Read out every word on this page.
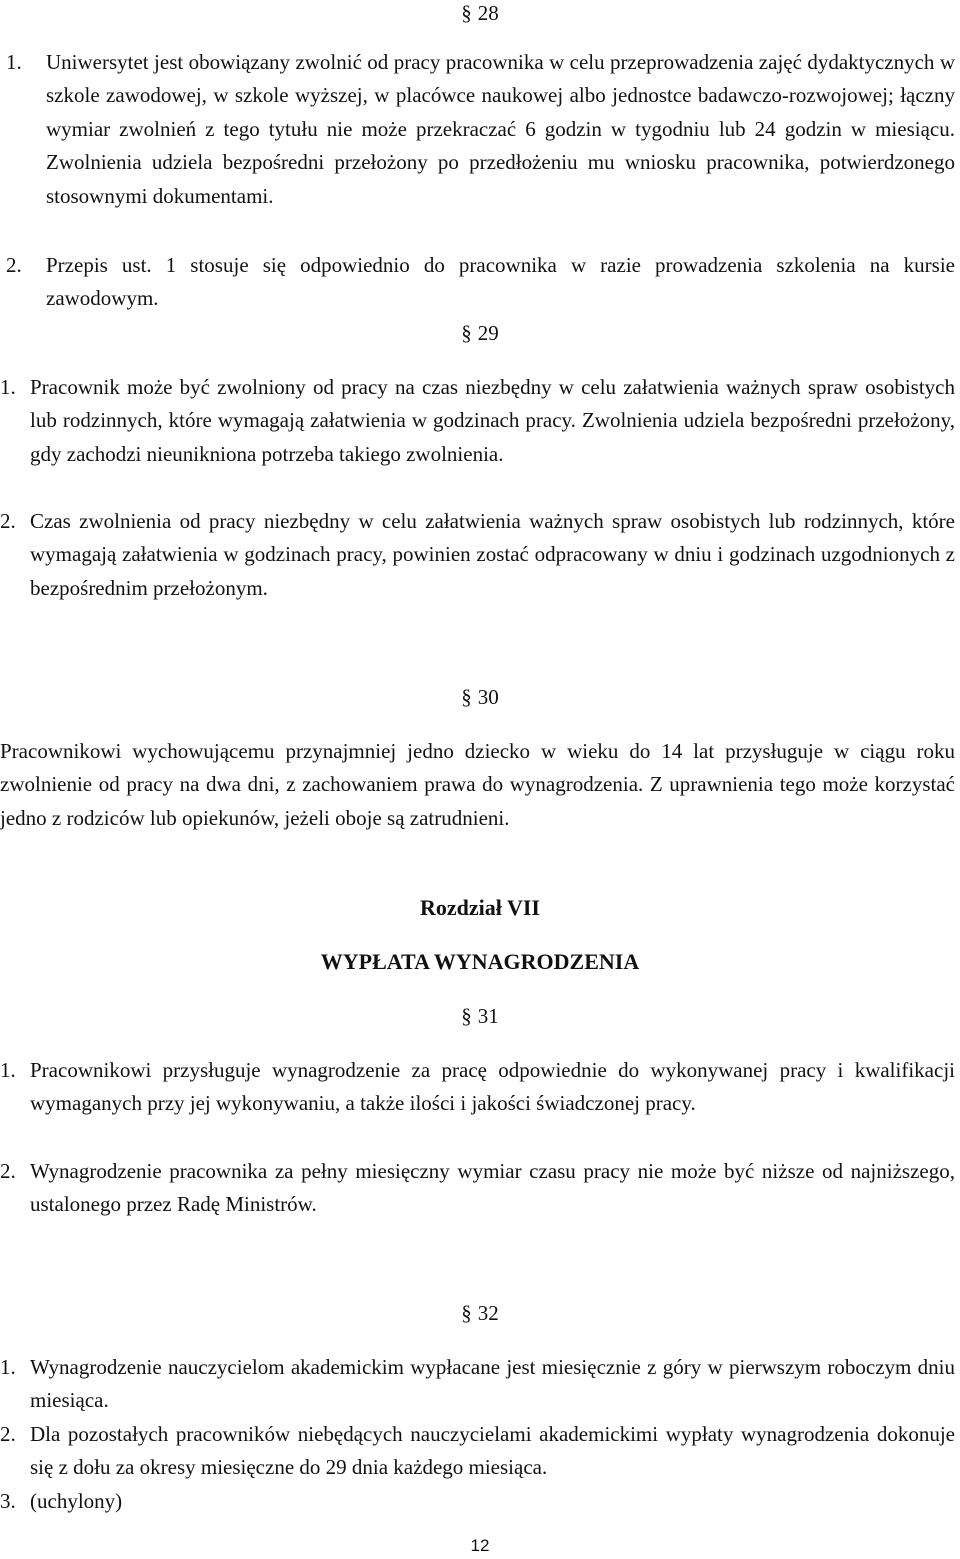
§ 28
1. Uniwersytet jest obowiązany zwolnić od pracy pracownika w celu przeprowadzenia zajęć dydaktycznych w szkole zawodowej, w szkole wyższej, w placówce naukowej albo jednostce badawczo-rozwojowej; łączny wymiar zwolnień z tego tytułu nie może przekraczać 6 godzin w tygodniu lub 24 godzin w miesiącu. Zwolnienia udziela bezpośredni przełożony po przedłożeniu mu wniosku pracownika, potwierdzonego stosownymi dokumentami.
2. Przepis ust. 1 stosuje się odpowiednio do pracownika w razie prowadzenia szkolenia na kursie zawodowym.
§ 29
1. Pracownik może być zwolniony od pracy na czas niezbędny w celu załatwienia ważnych spraw osobistych lub rodzinnych, które wymagają załatwienia w godzinach pracy. Zwolnienia udziela bezpośredni przełożony, gdy zachodzi nieunikniona potrzeba takiego zwolnienia.
2. Czas zwolnienia od pracy niezbędny w celu załatwienia ważnych spraw osobistych lub rodzinnych, które wymagają załatwienia w godzinach pracy, powinien zostać odpracowany w dniu i godzinach uzgodnionych z bezpośrednim przełożonym.
§ 30
Pracownikowi wychowującemu przynajmniej jedno dziecko w wieku do 14 lat przysługuje w ciągu roku zwolnienie od pracy na dwa dni, z zachowaniem prawa do wynagrodzenia. Z uprawnienia tego może korzystać jedno z rodziców lub opiekunów, jeżeli oboje są zatrudnieni.
Rozdział VII
WYPŁATA WYNAGRODZENIA
§ 31
1. Pracownikowi przysługuje wynagrodzenie za pracę odpowiednie do wykonywanej pracy i kwalifikacji wymaganych przy jej wykonywaniu, a także ilości i jakości świadczonej pracy.
2. Wynagrodzenie pracownika za pełny miesięczny wymiar czasu pracy nie może być niższe od najniższego, ustalonego przez Radę Ministrów.
§ 32
1. Wynagrodzenie nauczycielom akademickim wypłacane jest miesięcznie z góry w pierwszym roboczym dniu miesiąca.
2. Dla pozostałych pracowników niebędących nauczycielami akademickimi wypłaty wynagrodzenia dokonuje się z dołu za okresy miesięczne do 29 dnia każdego miesiąca.
3. (uchylony)
12
